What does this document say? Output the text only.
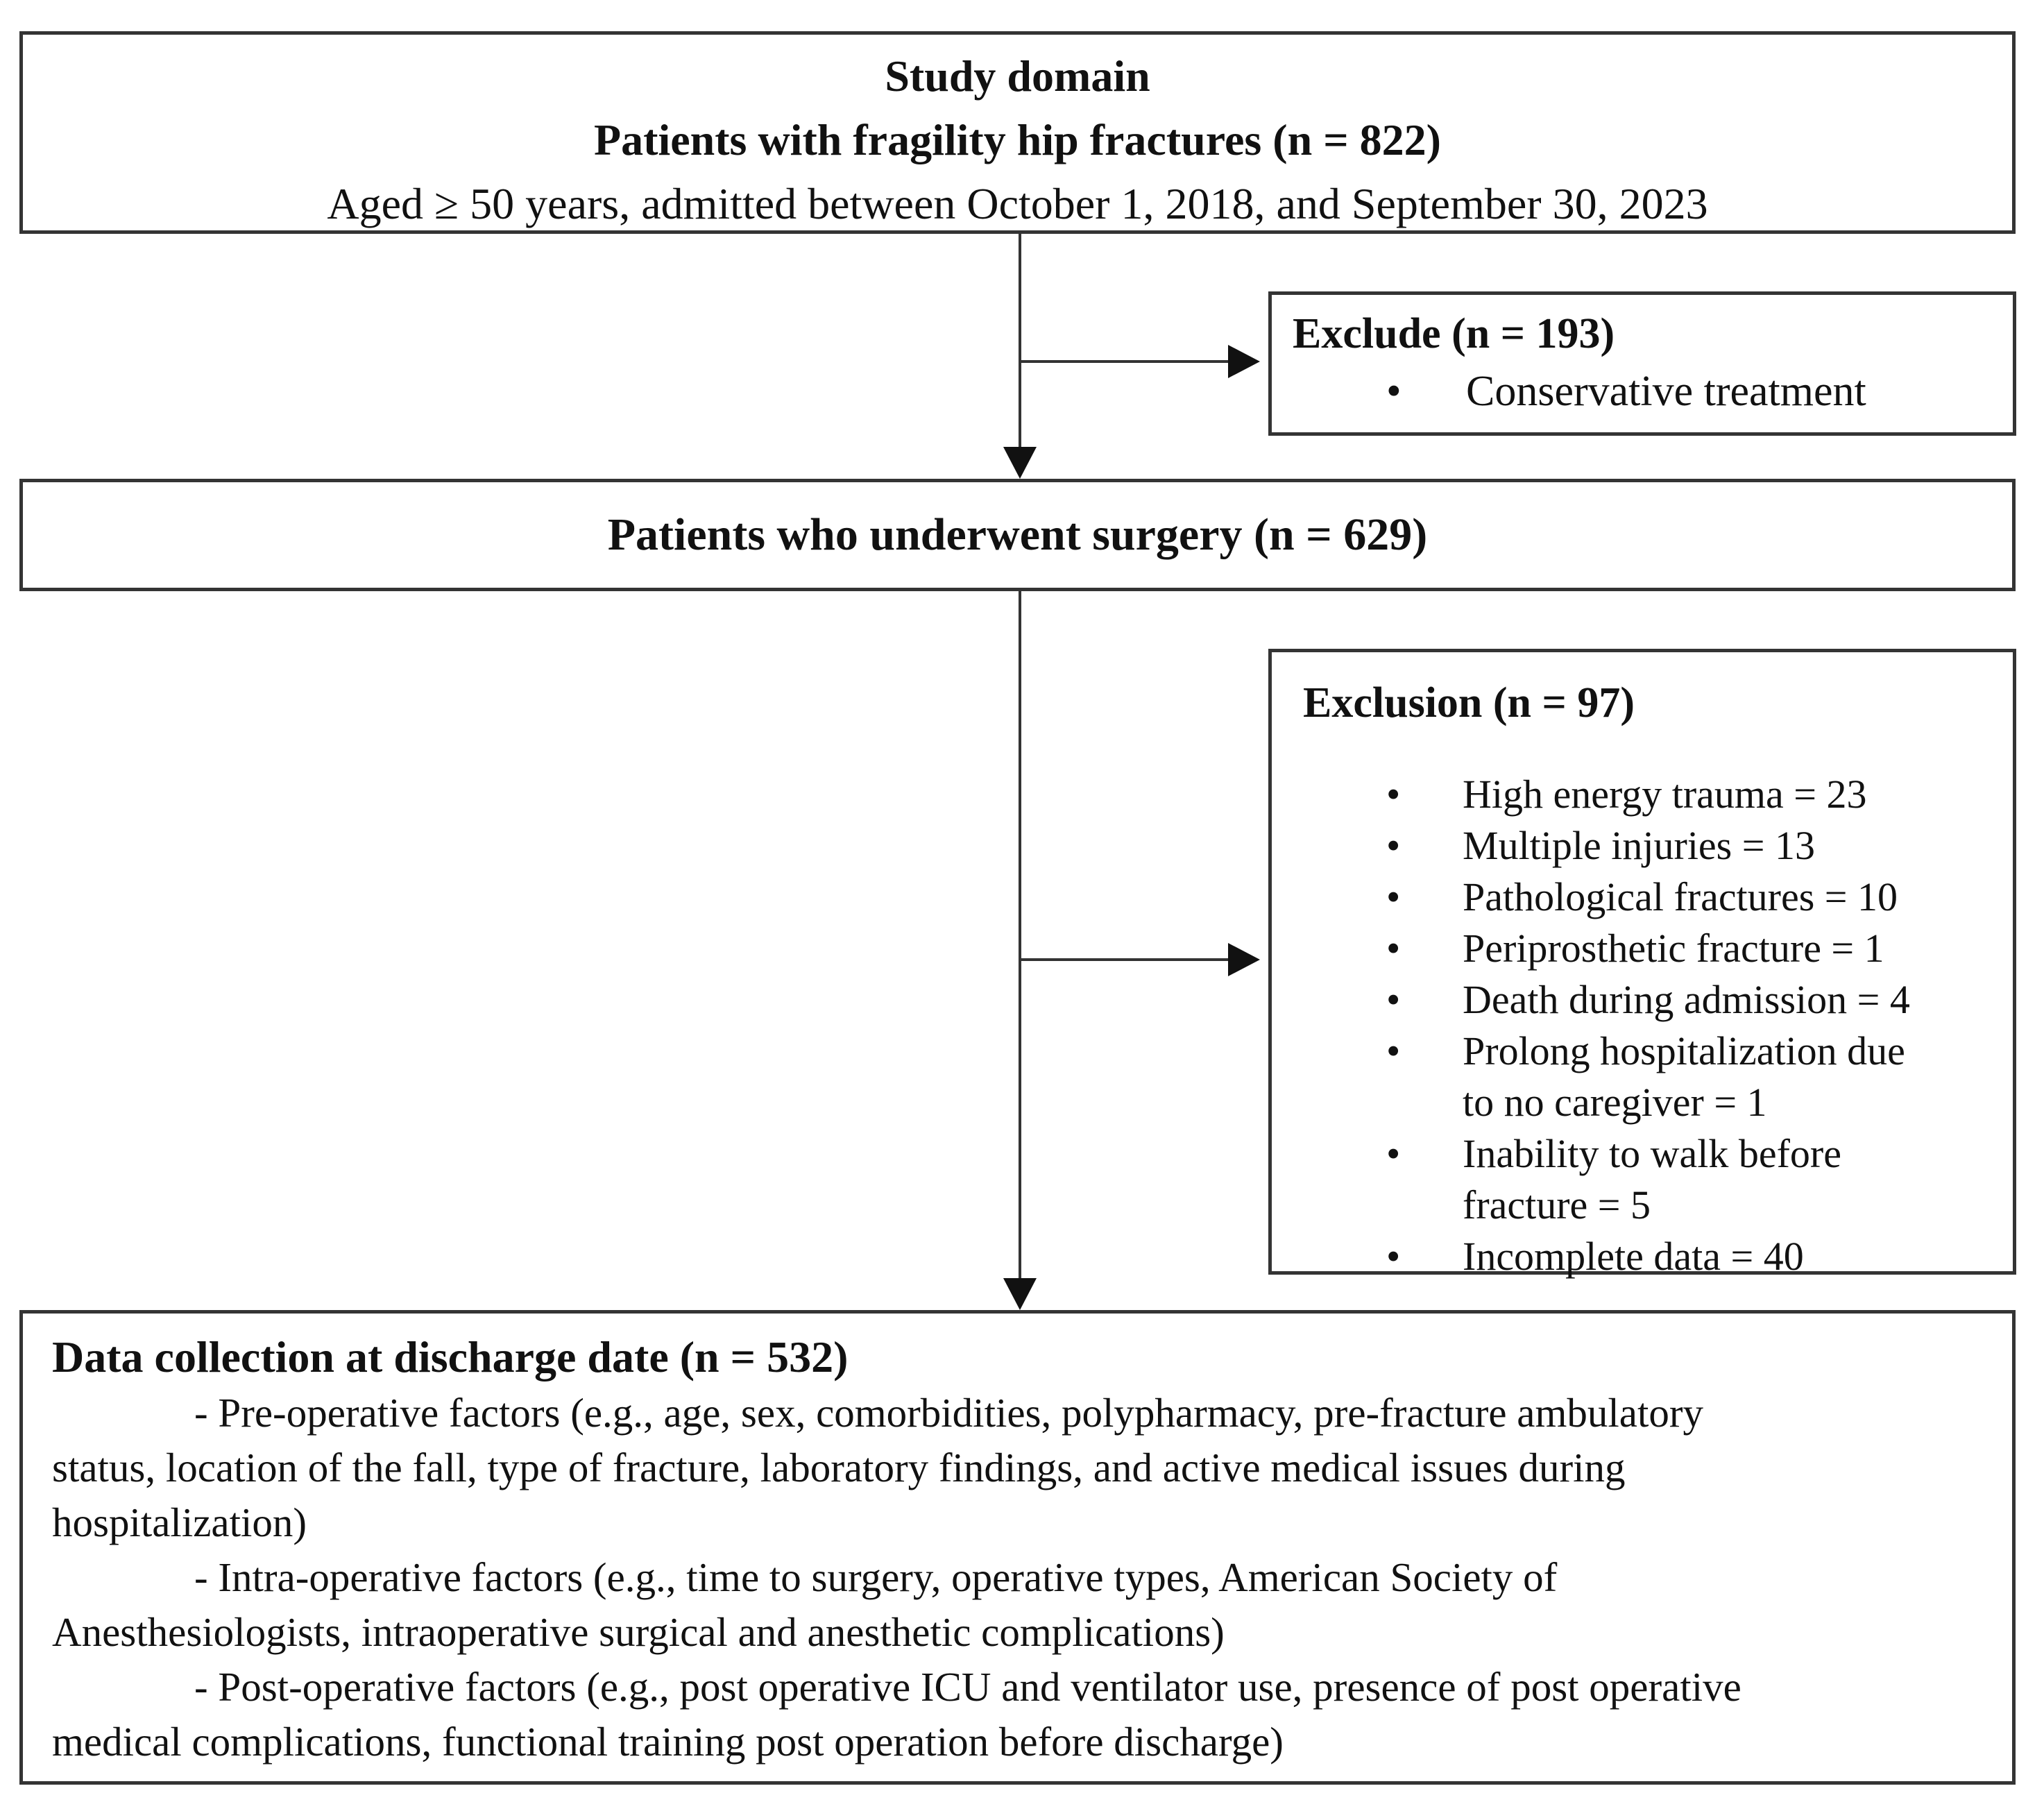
Study domain
Patients with fragility hip fractures (n = 822)
Aged ≥ 50 years, admitted between October 1, 2018, and September 30, 2023
Exclude (n = 193)
• Conservative treatment
Patients who underwent surgery (n = 629)
Exclusion (n = 97)
• High energy trauma = 23
• Multiple injuries = 13
• Pathological fractures = 10
• Periprosthetic fracture = 1
• Death during admission = 4
• Prolong hospitalization due
to no caregiver = 1
• Inability to walk before
fracture = 5
• Incomplete data = 40
Data collection at discharge date (n = 532)
- Pre-operative factors (e.g., age, sex, comorbidities, polypharmacy, pre-fracture ambulatory
status, location of the fall, type of fracture, laboratory findings, and active medical issues during
hospitalization)
- Intra-operative factors (e.g., time to surgery, operative types, American Society of
Anesthesiologists, intraoperative surgical and anesthetic complications)
- Post-operative factors (e.g., post operative ICU and ventilator use, presence of post operative
medical complications, functional training post operation before discharge)
